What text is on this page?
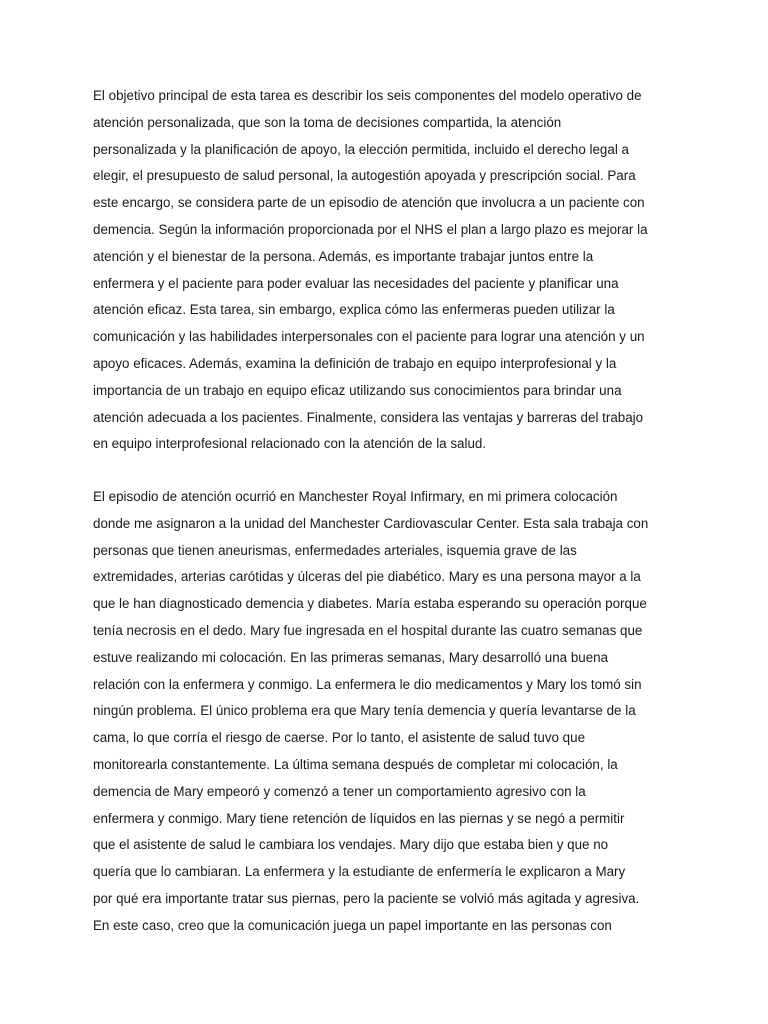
El objetivo principal de esta tarea es describir los seis componentes del modelo operativo de
atención personalizada, que son la toma de decisiones compartida, la atención
personalizada y la planificación de apoyo, la elección permitida, incluido el derecho legal a
elegir, el presupuesto de salud personal, la autogestión apoyada y prescripción social. Para
este encargo, se considera parte de un episodio de atención que involucra a un paciente con
demencia. Según la información proporcionada por el NHS el plan a largo plazo es mejorar la
atención y el bienestar de la persona. Además, es importante trabajar juntos entre la
enfermera y el paciente para poder evaluar las necesidades del paciente y planificar una
atención eficaz. Esta tarea, sin embargo, explica cómo las enfermeras pueden utilizar la
comunicación y las habilidades interpersonales con el paciente para lograr una atención y un
apoyo eficaces. Además, examina la definición de trabajo en equipo interprofesional y la
importancia de un trabajo en equipo eficaz utilizando sus conocimientos para brindar una
atención adecuada a los pacientes. Finalmente, considera las ventajas y barreras del trabajo
en equipo interprofesional relacionado con la atención de la salud.
El episodio de atención ocurrió en Manchester Royal Infirmary, en mi primera colocación
donde me asignaron a la unidad del Manchester Cardiovascular Center. Esta sala trabaja con
personas que tienen aneurismas, enfermedades arteriales, isquemia grave de las
extremidades, arterias carótidas y úlceras del pie diabético. Mary es una persona mayor a la
que le han diagnosticado demencia y diabetes. María estaba esperando su operación porque
tenía necrosis en el dedo. Mary fue ingresada en el hospital durante las cuatro semanas que
estuve realizando mi colocación. En las primeras semanas, Mary desarrolló una buena
relación con la enfermera y conmigo. La enfermera le dio medicamentos y Mary los tomó sin
ningún problema. El único problema era que Mary tenía demencia y quería levantarse de la
cama, lo que corría el riesgo de caerse. Por lo tanto, el asistente de salud tuvo que
monitorearla constantemente. La última semana después de completar mi colocación, la
demencia de Mary empeoró y comenzó a tener un comportamiento agresivo con la
enfermera y conmigo. Mary tiene retención de líquidos en las piernas y se negó a permitir
que el asistente de salud le cambiara los vendajes. Mary dijo que estaba bien y que no
quería que lo cambiaran. La enfermera y la estudiante de enfermería le explicaron a Mary
por qué era importante tratar sus piernas, pero la paciente se volvió más agitada y agresiva.
En este caso, creo que la comunicación juega un papel importante en las personas con
